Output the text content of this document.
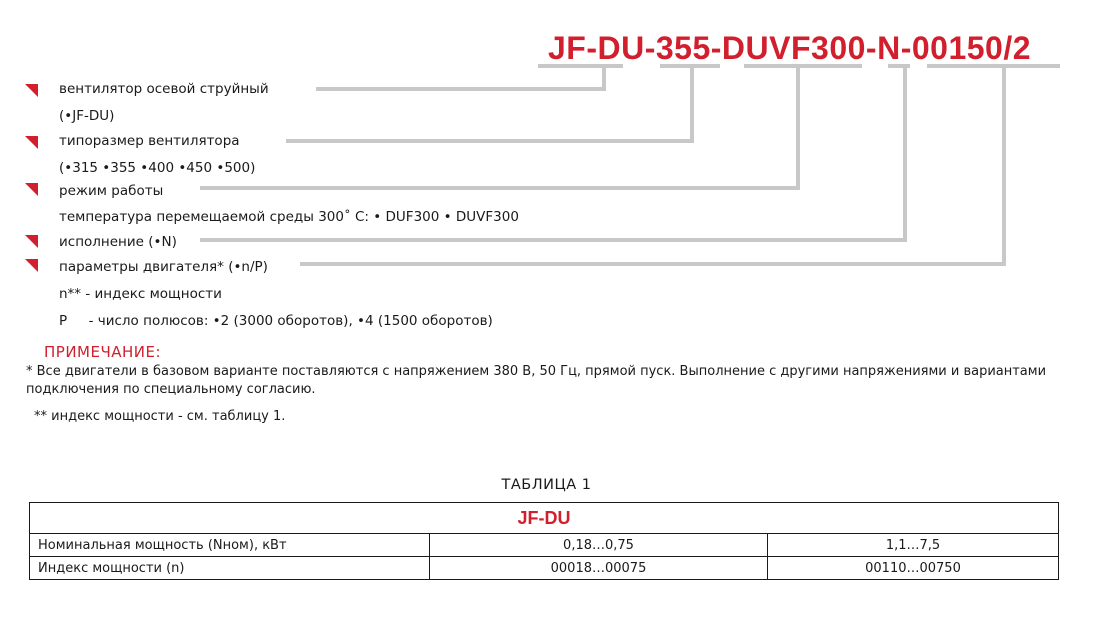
JF-DU-355-DUVF300-N-00150/2
вентилятор осевой струйный
(•JF-DU)
типоразмер вентилятора
(•315 •355 •400 •450 •500)
режим работы
температура перемещаемой среды 300˚ С: • DUF300 • DUVF300
исполнение (•N)
параметры двигателя* (•n/P)
n** - индекс мощности
P     - число полюсов: •2 (3000 оборотов), •4 (1500 оборотов)
ПРИМЕЧАНИЕ:
* Все двигатели в базовом варианте поставляются с напряжением 380 В, 50 Гц, прямой пуск. Выполнение с другими напряжениями и вариантами подключения по специальному согласию.
** индекс мощности - см. таблицу 1.
ТАБЛИЦА 1
JF-DU		
Номинальная мощность (Nном), кВт	0,18…0,75	1,1…7,5
Индекс мощности (n)	00018…00075	00110…00750
